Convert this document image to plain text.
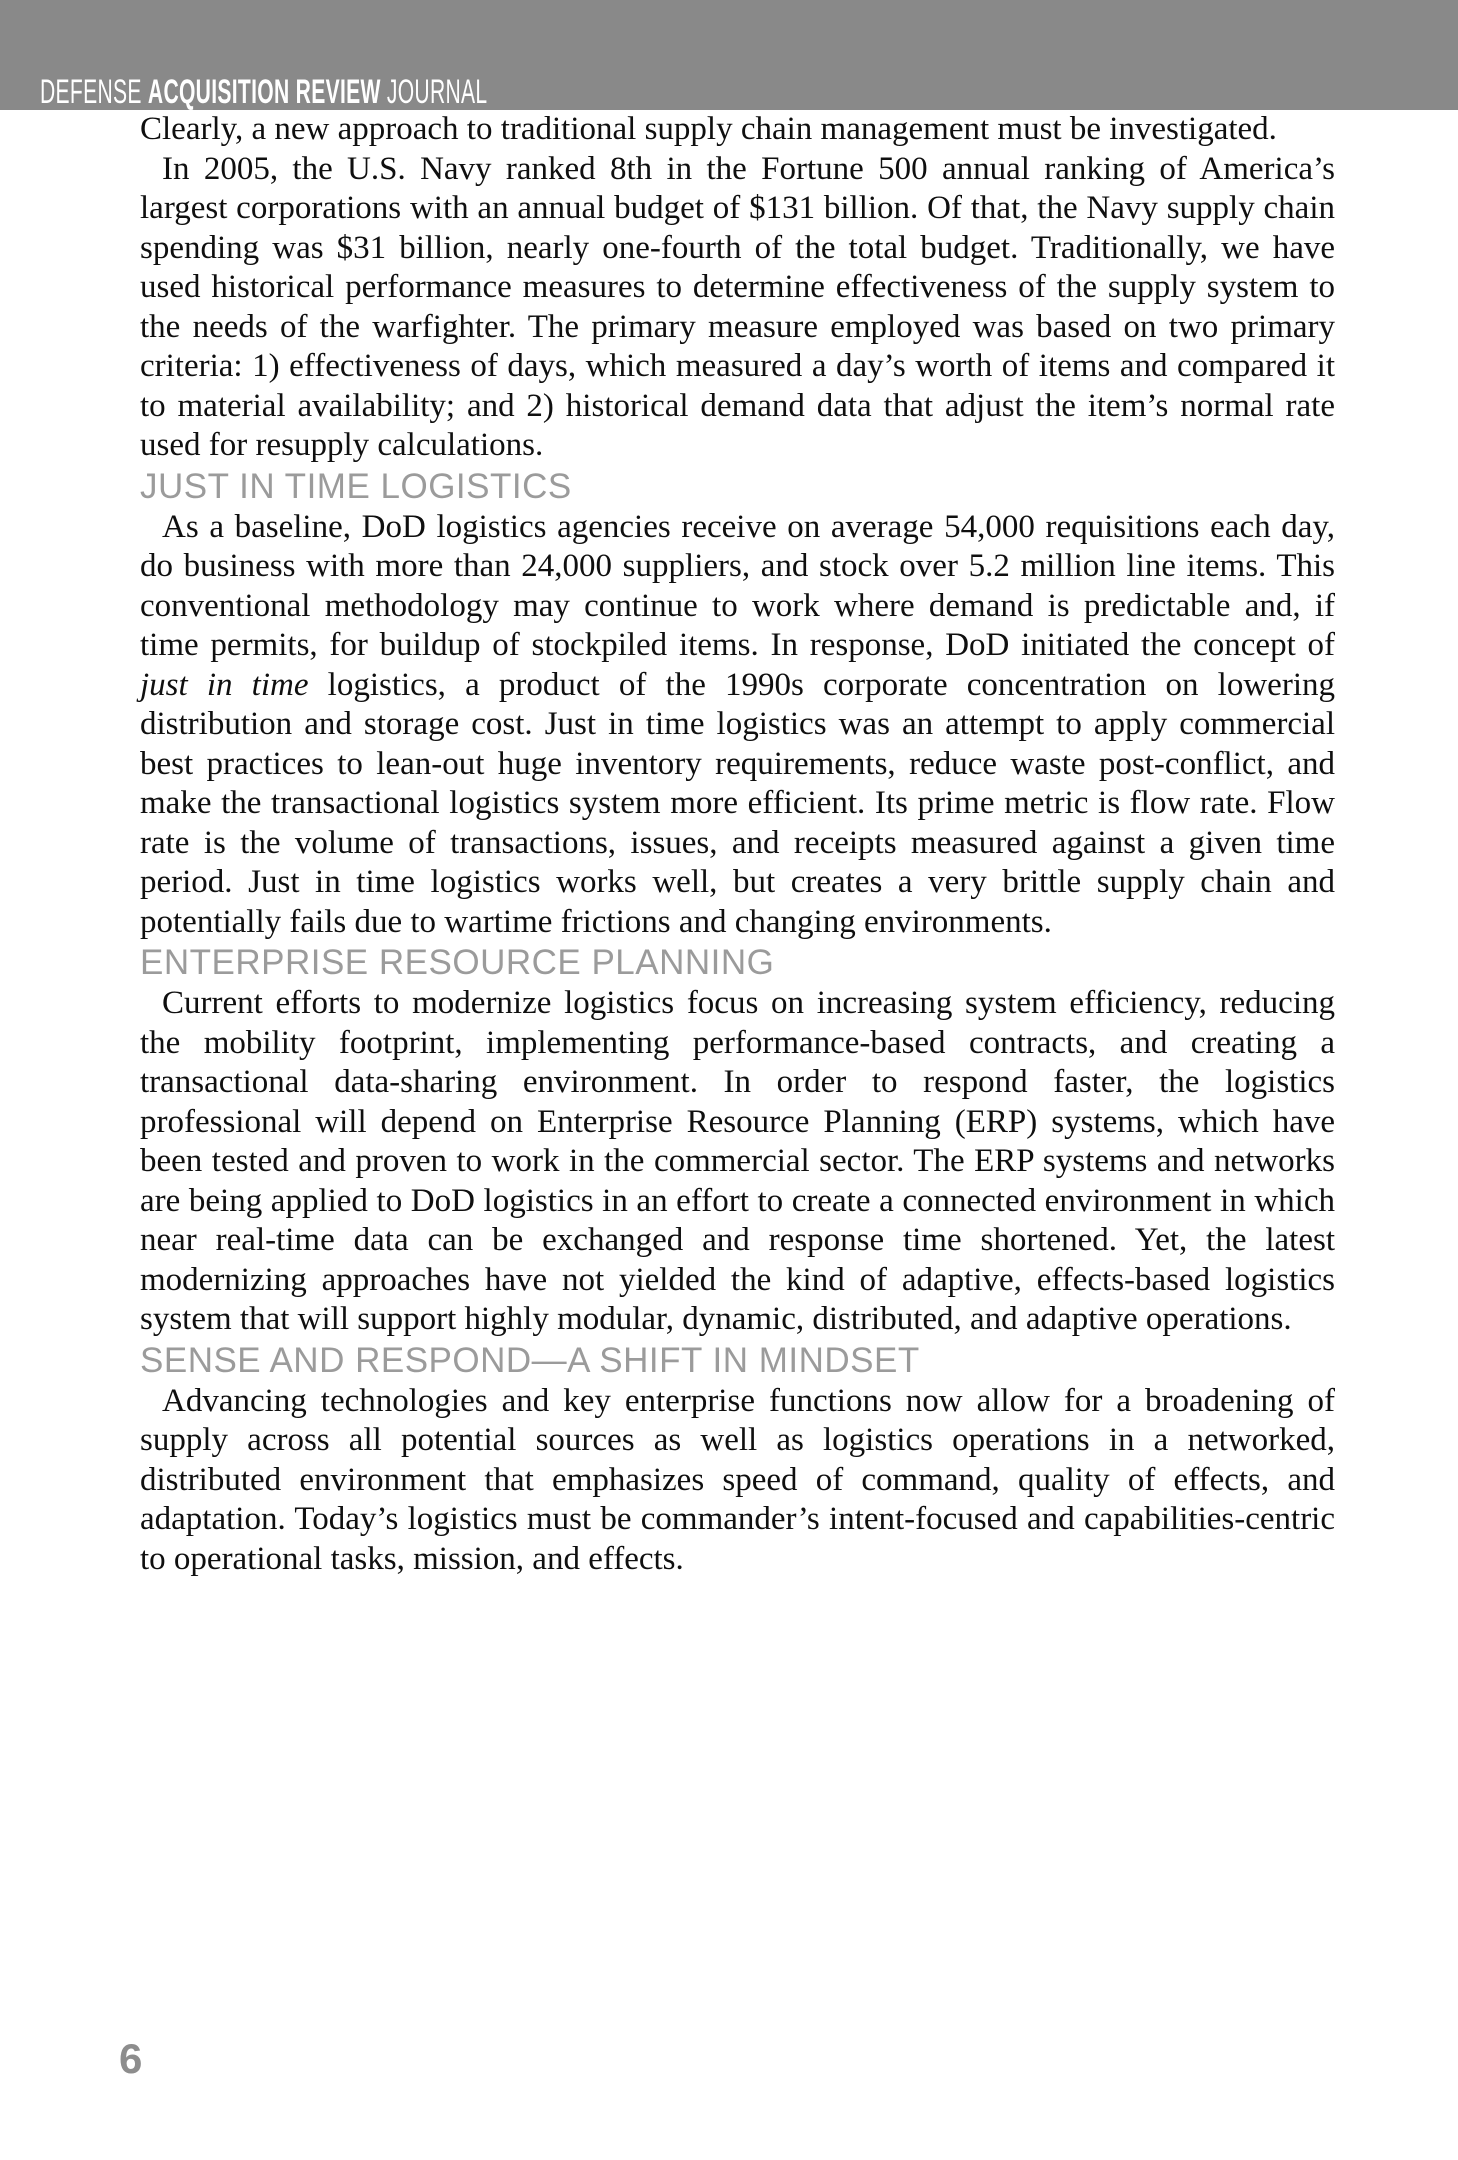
DEFENSE ACQUISITION REVIEW JOURNAL

Clearly, a new approach to traditional supply chain management must be investigated.

In 2005, the U.S. Navy ranked 8th in the Fortune 500 annual ranking of America’s largest corporations with an annual budget of $131 billion. Of that, the Navy supply chain spending was $31 billion, nearly one-fourth of the total budget. Traditionally, we have used historical performance measures to determine effectiveness of the supply system to the needs of the warfighter. The primary measure employed was based on two primary criteria: 1) effectiveness of days, which measured a day’s worth of items and compared it to material availability; and 2) historical demand data that adjust the item’s normal rate used for resupply calculations.

JUST IN TIME LOGISTICS

As a baseline, DoD logistics agencies receive on average 54,000 requisitions each day, do business with more than 24,000 suppliers, and stock over 5.2 million line items. This conventional methodology may continue to work where demand is predictable and, if time permits, for buildup of stockpiled items. In response, DoD initiated the concept of just in time logistics, a product of the 1990s corporate concentration on lowering distribution and storage cost. Just in time logistics was an attempt to apply commercial best practices to lean-out huge inventory requirements, reduce waste post-conflict, and make the transactional logistics system more efficient. Its prime metric is flow rate. Flow rate is the volume of transactions, issues, and receipts measured against a given time period. Just in time logistics works well, but creates a very brittle supply chain and potentially fails due to wartime frictions and changing environments.

ENTERPRISE RESOURCE PLANNING

Current efforts to modernize logistics focus on increasing system efficiency, reducing the mobility footprint, implementing performance-based contracts, and creating a transactional data-sharing environment. In order to respond faster, the logistics professional will depend on Enterprise Resource Planning (ERP) systems, which have been tested and proven to work in the commercial sector. The ERP systems and networks are being applied to DoD logistics in an effort to create a connected environment in which near real-time data can be exchanged and response time shortened. Yet, the latest modernizing approaches have not yielded the kind of adaptive, effects-based logistics system that will support highly modular, dynamic, distributed, and adaptive operations.

SENSE AND RESPOND—A SHIFT IN MINDSET

Advancing technologies and key enterprise functions now allow for a broadening of supply across all potential sources as well as logistics operations in a networked, distributed environment that emphasizes speed of command, quality of effects, and adaptation. Today’s logistics must be commander’s intent-focused and capabilities-centric to operational tasks, mission, and effects.

6
